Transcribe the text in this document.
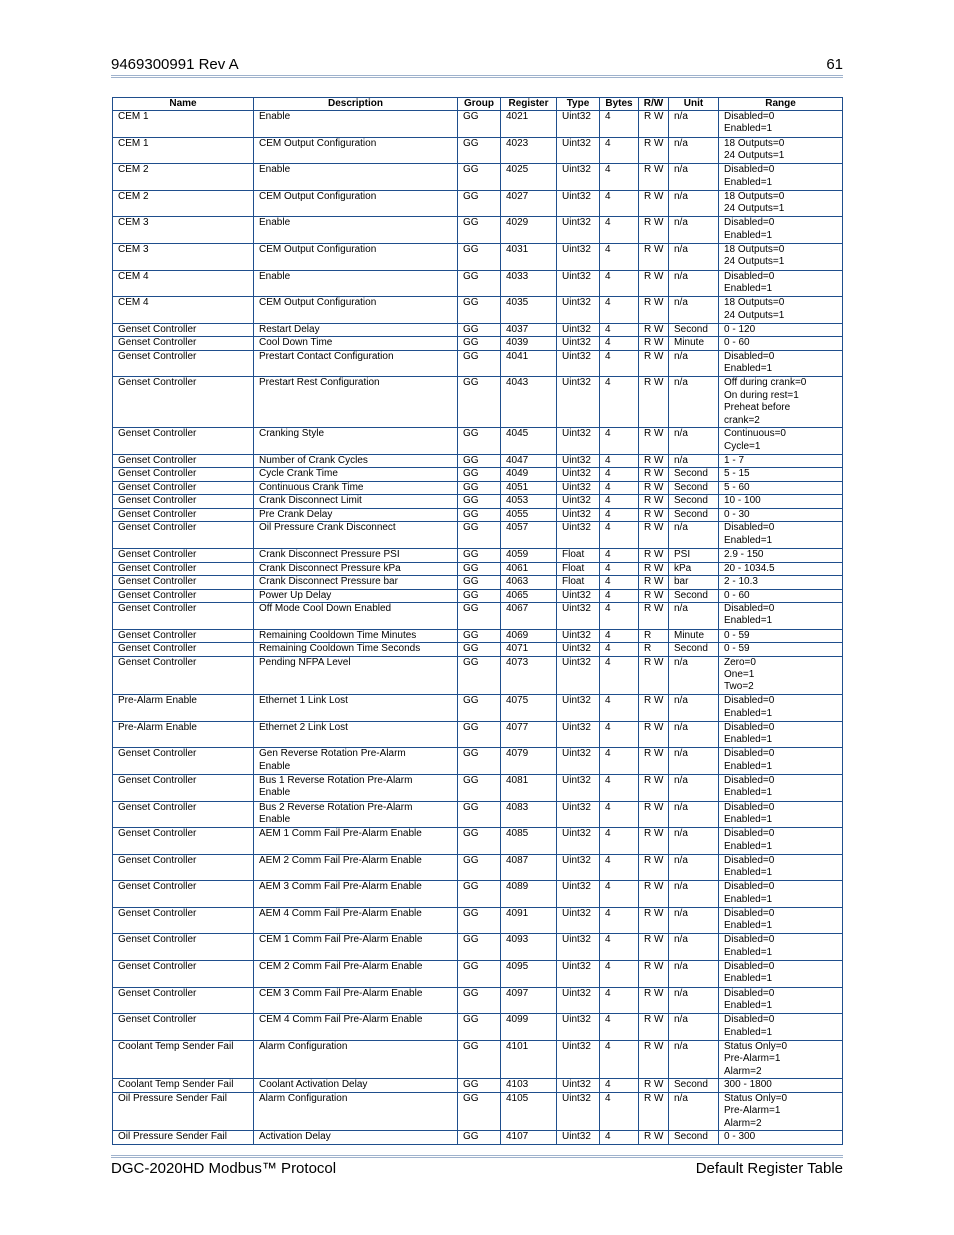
9469300991 Rev A	61
Name	Description	Group	Register	Type	Bytes	R/W	Unit	Range
CEM 1	Enable	GG	4021	Uint32	4	R W	n/a	Disabled=0
Enabled=1
CEM 1	CEM Output Configuration	GG	4023	Uint32	4	R W	n/a	18 Outputs=0
24 Outputs=1
CEM 2	Enable	GG	4025	Uint32	4	R W	n/a	Disabled=0
Enabled=1
CEM 2	CEM Output Configuration	GG	4027	Uint32	4	R W	n/a	18 Outputs=0
24 Outputs=1
CEM 3	Enable	GG	4029	Uint32	4	R W	n/a	Disabled=0
Enabled=1
CEM 3	CEM Output Configuration	GG	4031	Uint32	4	R W	n/a	18 Outputs=0
24 Outputs=1
CEM 4	Enable	GG	4033	Uint32	4	R W	n/a	Disabled=0
Enabled=1
CEM 4	CEM Output Configuration	GG	4035	Uint32	4	R W	n/a	18 Outputs=0
24 Outputs=1
Genset Controller	Restart Delay	GG	4037	Uint32	4	R W	Second	0 - 120
Genset Controller	Cool Down Time	GG	4039	Uint32	4	R W	Minute	0 - 60
Genset Controller	Prestart Contact Configuration	GG	4041	Uint32	4	R W	n/a	Disabled=0
Enabled=1
Genset Controller	Prestart Rest Configuration	GG	4043	Uint32	4	R W	n/a	Off during crank=0
On during rest=1
Preheat before
crank=2
Genset Controller	Cranking Style	GG	4045	Uint32	4	R W	n/a	Continuous=0
Cycle=1
Genset Controller	Number of Crank Cycles	GG	4047	Uint32	4	R W	n/a	1 - 7
Genset Controller	Cycle Crank Time	GG	4049	Uint32	4	R W	Second	5 - 15
Genset Controller	Continuous Crank Time	GG	4051	Uint32	4	R W	Second	5 - 60
Genset Controller	Crank Disconnect Limit	GG	4053	Uint32	4	R W	Second	10 - 100
Genset Controller	Pre Crank Delay	GG	4055	Uint32	4	R W	Second	0 - 30
Genset Controller	Oil Pressure Crank Disconnect	GG	4057	Uint32	4	R W	n/a	Disabled=0
Enabled=1
Genset Controller	Crank Disconnect Pressure PSI	GG	4059	Float	4	R W	PSI	2.9 - 150
Genset Controller	Crank Disconnect Pressure kPa	GG	4061	Float	4	R W	kPa	20 - 1034.5
Genset Controller	Crank Disconnect Pressure bar	GG	4063	Float	4	R W	bar	2 - 10.3
Genset Controller	Power Up Delay	GG	4065	Uint32	4	R W	Second	0 - 60
Genset Controller	Off Mode Cool Down Enabled	GG	4067	Uint32	4	R W	n/a	Disabled=0
Enabled=1
Genset Controller	Remaining Cooldown Time Minutes	GG	4069	Uint32	4	R	Minute	0 - 59
Genset Controller	Remaining Cooldown Time Seconds	GG	4071	Uint32	4	R	Second	0 - 59
Genset Controller	Pending NFPA Level	GG	4073	Uint32	4	R W	n/a	Zero=0
One=1
Two=2
Pre-Alarm Enable	Ethernet 1 Link Lost	GG	4075	Uint32	4	R W	n/a	Disabled=0
Enabled=1
Pre-Alarm Enable	Ethernet 2 Link Lost	GG	4077	Uint32	4	R W	n/a	Disabled=0
Enabled=1
Genset Controller	Gen Reverse Rotation Pre-Alarm
Enable	GG	4079	Uint32	4	R W	n/a	Disabled=0
Enabled=1
Genset Controller	Bus 1 Reverse Rotation Pre-Alarm
Enable	GG	4081	Uint32	4	R W	n/a	Disabled=0
Enabled=1
Genset Controller	Bus 2 Reverse Rotation Pre-Alarm
Enable	GG	4083	Uint32	4	R W	n/a	Disabled=0
Enabled=1
Genset Controller	AEM 1 Comm Fail Pre-Alarm Enable	GG	4085	Uint32	4	R W	n/a	Disabled=0
Enabled=1
Genset Controller	AEM 2 Comm Fail Pre-Alarm Enable	GG	4087	Uint32	4	R W	n/a	Disabled=0
Enabled=1
Genset Controller	AEM 3 Comm Fail Pre-Alarm Enable	GG	4089	Uint32	4	R W	n/a	Disabled=0
Enabled=1
Genset Controller	AEM 4 Comm Fail Pre-Alarm Enable	GG	4091	Uint32	4	R W	n/a	Disabled=0
Enabled=1
Genset Controller	CEM 1 Comm Fail Pre-Alarm Enable	GG	4093	Uint32	4	R W	n/a	Disabled=0
Enabled=1
Genset Controller	CEM 2 Comm Fail Pre-Alarm Enable	GG	4095	Uint32	4	R W	n/a	Disabled=0
Enabled=1
Genset Controller	CEM 3 Comm Fail Pre-Alarm Enable	GG	4097	Uint32	4	R W	n/a	Disabled=0
Enabled=1
Genset Controller	CEM 4 Comm Fail Pre-Alarm Enable	GG	4099	Uint32	4	R W	n/a	Disabled=0
Enabled=1
Coolant Temp Sender Fail	Alarm Configuration	GG	4101	Uint32	4	R W	n/a	Status Only=0
Pre-Alarm=1
Alarm=2
Coolant Temp Sender Fail	Coolant Activation Delay	GG	4103	Uint32	4	R W	Second	300 - 1800
Oil Pressure Sender Fail	Alarm Configuration	GG	4105	Uint32	4	R W	n/a	Status Only=0
Pre-Alarm=1
Alarm=2
Oil Pressure Sender Fail	Activation Delay	GG	4107	Uint32	4	R W	Second	0 - 300
DGC-2020HD Modbus™ Protocol	Default Register Table
